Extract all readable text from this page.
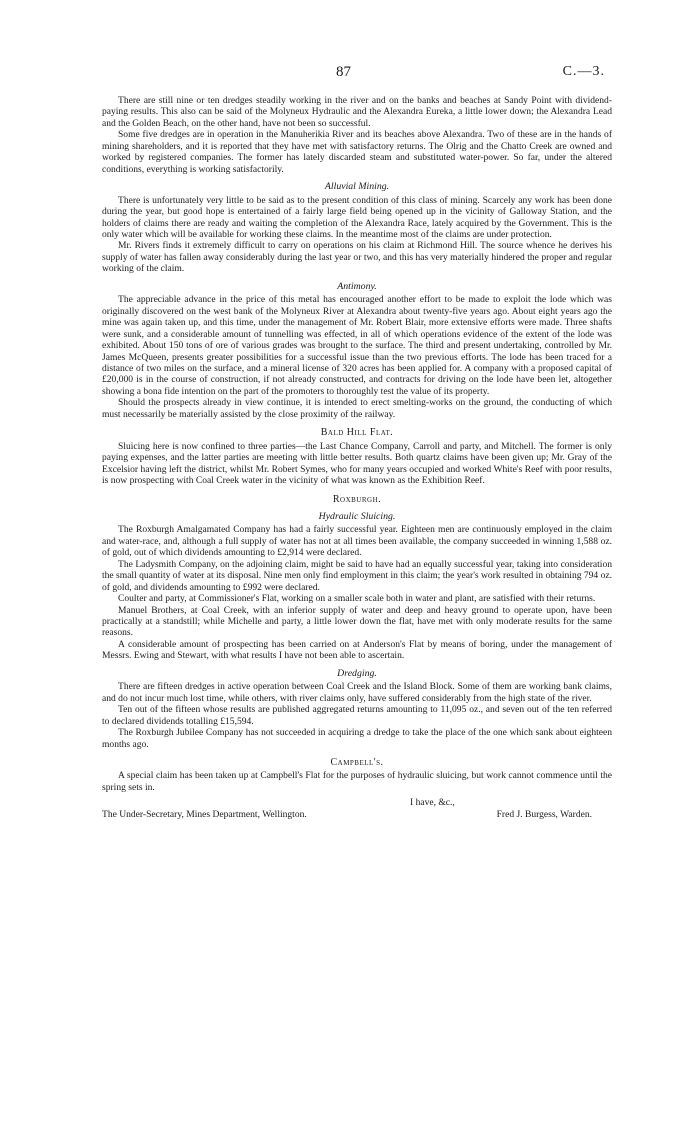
87	C.—3.

There are still nine or ten dredges steadily working in the river and on the banks and beaches at Sandy Point with dividend-paying results. This also can be said of the Molyneux Hydraulic and the Alexandra Eureka, a little lower down; the Alexandra Lead and the Golden Beach, on the other hand, have not been so successful.

Some five dredges are in operation in the Manuherikia River and its beaches above Alexandra. Two of these are in the hands of mining shareholders, and it is reported that they have met with satisfactory returns. The Olrig and the Chatto Creek are owned and worked by registered companies. The former has lately discarded steam and substituted water-power. So far, under the altered conditions, everything is working satisfactorily.

Alluvial Mining.

There is unfortunately very little to be said as to the present condition of this class of mining. Scarcely any work has been done during the year, but good hope is entertained of a fairly large field being opened up in the vicinity of Galloway Station, and the holders of claims there are ready and waiting the completion of the Alexandra Race, lately acquired by the Government. This is the only water which will be available for working these claims. In the meantime most of the claims are under protection.

Mr. Rivers finds it extremely difficult to carry on operations on his claim at Richmond Hill. The source whence he derives his supply of water has fallen away considerably during the last year or two, and this has very materially hindered the proper and regular working of the claim.

Antimony.

The appreciable advance in the price of this metal has encouraged another effort to be made to exploit the lode which was originally discovered on the west bank of the Molyneux River at Alexandra about twenty-five years ago. About eight years ago the mine was again taken up, and this time, under the management of Mr. Robert Blair, more extensive efforts were made. Three shafts were sunk, and a considerable amount of tunnelling was effected, in all of which operations evidence of the extent of the lode was exhibited. About 150 tons of ore of various grades was brought to the surface. The third and present undertaking, controlled by Mr. James McQueen, presents greater possibilities for a successful issue than the two previous efforts. The lode has been traced for a distance of two miles on the surface, and a mineral license of 320 acres has been applied for. A company with a proposed capital of £20,000 is in the course of construction, if not already constructed, and contracts for driving on the lode have been let, altogether showing a bona fide intention on the part of the promoters to thoroughly test the value of its property.

Should the prospects already in view continue, it is intended to erect smelting-works on the ground, the conducting of which must necessarily be materially assisted by the close proximity of the railway.

Bald Hill Flat.

Sluicing here is now confined to three parties—the Last Chance Company, Carroll and party, and Mitchell. The former is only paying expenses, and the latter parties are meeting with little better results. Both quartz claims have been given up; Mr. Gray of the Excelsior having left the district, whilst Mr. Robert Symes, who for many years occupied and worked White's Reef with poor results, is now prospecting with Coal Creek water in the vicinity of what was known as the Exhibition Reef.

Roxburgh.
Hydraulic Sluicing.

The Roxburgh Amalgamated Company has had a fairly successful year. Eighteen men are continuously employed in the claim and water-race, and, although a full supply of water has not at all times been available, the company succeeded in winning 1,588 oz. of gold, out of which dividends amounting to £2,914 were declared.

The Ladysmith Company, on the adjoining claim, might be said to have had an equally successful year, taking into consideration the small quantity of water at its disposal. Nine men only find employment in this claim; the year's work resulted in obtaining 794 oz. of gold, and dividends amounting to £992 were declared.

Coulter and party, at Commissioner's Flat, working on a smaller scale both in water and plant, are satisfied with their returns.

Manuel Brothers, at Coal Creek, with an inferior supply of water and deep and heavy ground to operate upon, have been practically at a standstill; while Michelle and party, a little lower down the flat, have met with only moderate results for the same reasons.

A considerable amount of prospecting has been carried on at Anderson's Flat by means of boring, under the management of Messrs. Ewing and Stewart, with what results I have not been able to ascertain.

Dredging.

There are fifteen dredges in active operation between Coal Creek and the Island Block. Some of them are working bank claims, and do not incur much lost time, while others, with river claims only, have suffered considerably from the high state of the river.

Ten out of the fifteen whose results are published aggregated returns amounting to 11,095 oz., and seven out of the ten referred to declared dividends totalling £15,594.

The Roxburgh Jubilee Company has not succeeded in acquiring a dredge to take the place of the one which sank about eighteen months ago.

Campbell's.

A special claim has been taken up at Campbell's Flat for the purposes of hydraulic sluicing, but work cannot commence until the spring sets in.

I have, &c.,
The Under-Secretary, Mines Department, Wellington.	Fred J. Burgess, Warden.
